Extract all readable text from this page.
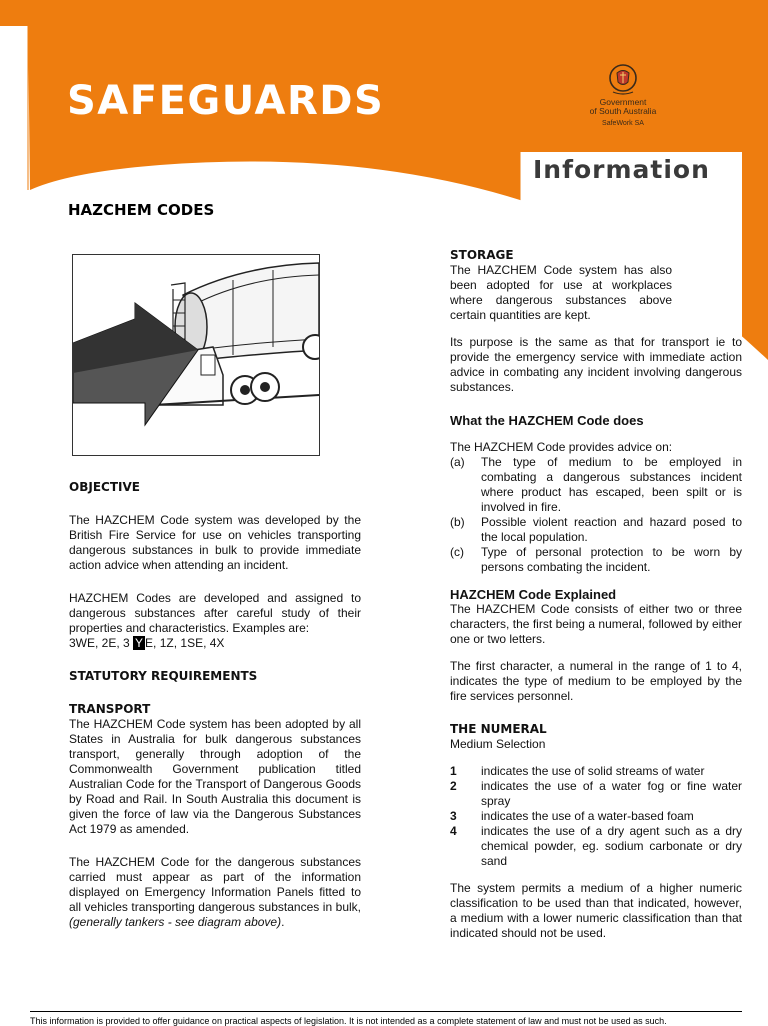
SAFEGUARDS	Government
of South Australia
SafeWork SA
Information
HAZCHEM CODES
OBJECTIVE

The HAZCHEM Code system was developed by the British Fire Service for use on vehicles transporting dangerous substances in bulk to provide immediate action advice when attending an incident.

HAZCHEM Codes are developed and assigned to dangerous substances after careful study of their properties and characteristics. Examples are:

3WE, 2E, 3 Y E, 1Z, 1SE, 4X

STATUTORY REQUIREMENTS
TRANSPORT

The HAZCHEM Code system has been adopted by all States in Australia for bulk dangerous substances transport, generally through adoption of the Commonwealth Government publication titled Australian Code for the Transport of Dangerous Goods by Road and Rail. In South Australia this document is given the force of law via the Dangerous Substances Act 1979 as amended.

The HAZCHEM Code for the dangerous substances carried must appear as part of the information displayed on Emergency Information Panels fitted to all vehicles transporting dangerous substances in bulk, (generally tankers - see diagram above).

STORAGE

The HAZCHEM Code system has also been adopted for use at workplaces where dangerous substances above certain quantities are kept.

Its purpose is the same as that for transport ie to provide the emergency service with immediate action advice in combating any incident involving dangerous substances.

What the HAZCHEM Code does

The HAZCHEM Code provides advice on:

(a)	The type of medium to be employed in combating a dangerous substances incident where product has escaped, been spilt or is involved in fire.
(b)	Possible violent reaction and hazard posed to the local population.
(c)	Type of personal protection to be worn by persons combating the incident.
HAZCHEM Code Explained

The HAZCHEM Code consists of either two or three characters, the first being a numeral, followed by either one or two letters.

The first character, a numeral in the range of 1 to 4, indicates the type of medium to be employed by the fire services personnel.

THE NUMERAL

Medium Selection

1	indicates the use of solid streams of water
2	indicates the use of a water fog or fine water spray
3	indicates the use of a water-based foam
4	indicates the use of a dry agent such as a dry chemical powder, eg. sodium carbonate or dry sand

The system permits a medium of a higher numeric classification to be used than that indicated, however, a medium with a lower numeric classification than that indicated should not be used.

This information is provided to offer guidance on practical aspects of legislation. It is not intended as a complete statement of law and must not be used as such.
